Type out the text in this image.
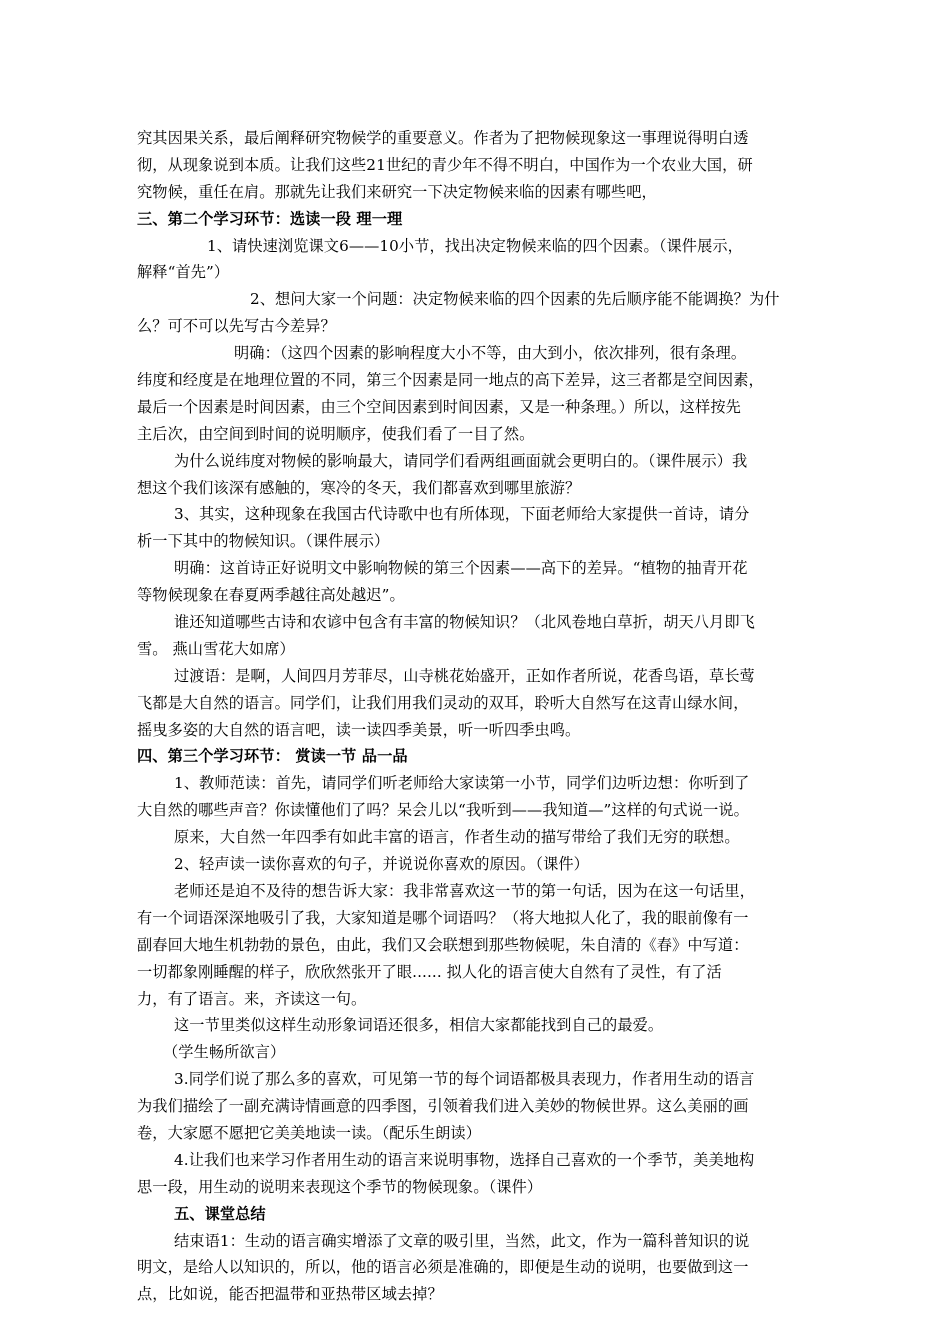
究其因果关系，最后阐释研究物候学的重要意义。作者为了把物候现象这一事理说得明白透
彻，从现象说到本质。让我们这些21世纪的青少年不得不明白，中国作为一个农业大国，研
究物候，重任在肩。那就先让我们来研究一下决定物候来临的因素有哪些吧，
三、第二个学习环节：选读一段 理一理
1、请快速浏览课文6——10小节，找出决定物候来临的四个因素。（课件展示，
解释“首先”）
2、想问大家一个问题：决定物候来临的四个因素的先后顺序能不能调换？为什
么？可不可以先写古今差异？
明确：（这四个因素的影响程度大小不等，由大到小，依次排列，很有条理。
纬度和经度是在地理位置的不同，第三个因素是同一地点的高下差异，这三者都是空间因素，
最后一个因素是时间因素，由三个空间因素到时间因素，又是一种条理。）所以，这样按先
主后次，由空间到时间的说明顺序，使我们看了一目了然。
为什么说纬度对物候的影响最大，请同学们看两组画面就会更明白的。（课件展示）我
想这个我们该深有感触的，寒冷的冬天，我们都喜欢到哪里旅游？
3、其实，这种现象在我国古代诗歌中也有所体现，下面老师给大家提供一首诗，请分
析一下其中的物候知识。（课件展示）
明确：这首诗正好说明文中影响物候的第三个因素——高下的差异。“植物的抽青开花
等物候现象在春夏两季越往高处越迟”。
谁还知道哪些古诗和农谚中包含有丰富的物候知识？（北风卷地白草折，胡天八月即飞
雪。 燕山雪花大如席）
过渡语：是啊，人间四月芳菲尽，山寺桃花始盛开，正如作者所说，花香鸟语，草长莺
飞都是大自然的语言。同学们，让我们用我们灵动的双耳，聆听大自然写在这青山绿水间，
摇曳多姿的大自然的语言吧，读一读四季美景，听一听四季虫鸣。
四、第三个学习环节： 赏读一节 品一品
1、教师范读：首先，请同学们听老师给大家读第一小节，同学们边听边想：你听到了
大自然的哪些声音？你读懂他们了吗？呆会儿以“我听到——我知道—”这样的句式说一说。
原来，大自然一年四季有如此丰富的语言，作者生动的描写带给了我们无穷的联想。
2、轻声读一读你喜欢的句子，并说说你喜欢的原因。（课件）
老师还是迫不及待的想告诉大家：我非常喜欢这一节的第一句话，因为在这一句话里，
有一个词语深深地吸引了我，大家知道是哪个词语吗？（将大地拟人化了，我的眼前像有一
副春回大地生机勃勃的景色，由此，我们又会联想到那些物候呢，朱自清的《春》中写道：
一切都象刚睡醒的样子，欣欣然张开了眼...... 拟人化的语言使大自然有了灵性，有了活
力，有了语言。来，齐读这一句。
这一节里类似这样生动形象词语还很多，相信大家都能找到自己的最爱。
（学生畅所欲言）
3.同学们说了那么多的喜欢，可见第一节的每个词语都极具表现力，作者用生动的语言
为我们描绘了一副充满诗情画意的四季图，引领着我们进入美妙的物候世界。这么美丽的画
卷，大家愿不愿把它美美地读一读。（配乐生朗读）
4.让我们也来学习作者用生动的语言来说明事物，选择自己喜欢的一个季节，美美地构
思一段，用生动的说明来表现这个季节的物候现象。（课件）
五、课堂总结
结束语1：生动的语言确实增添了文章的吸引里，当然，此文，作为一篇科普知识的说
明文，是给人以知识的，所以，他的语言必须是准确的，即便是生动的说明，也要做到这一
点，比如说，能否把温带和亚热带区域去掉？
